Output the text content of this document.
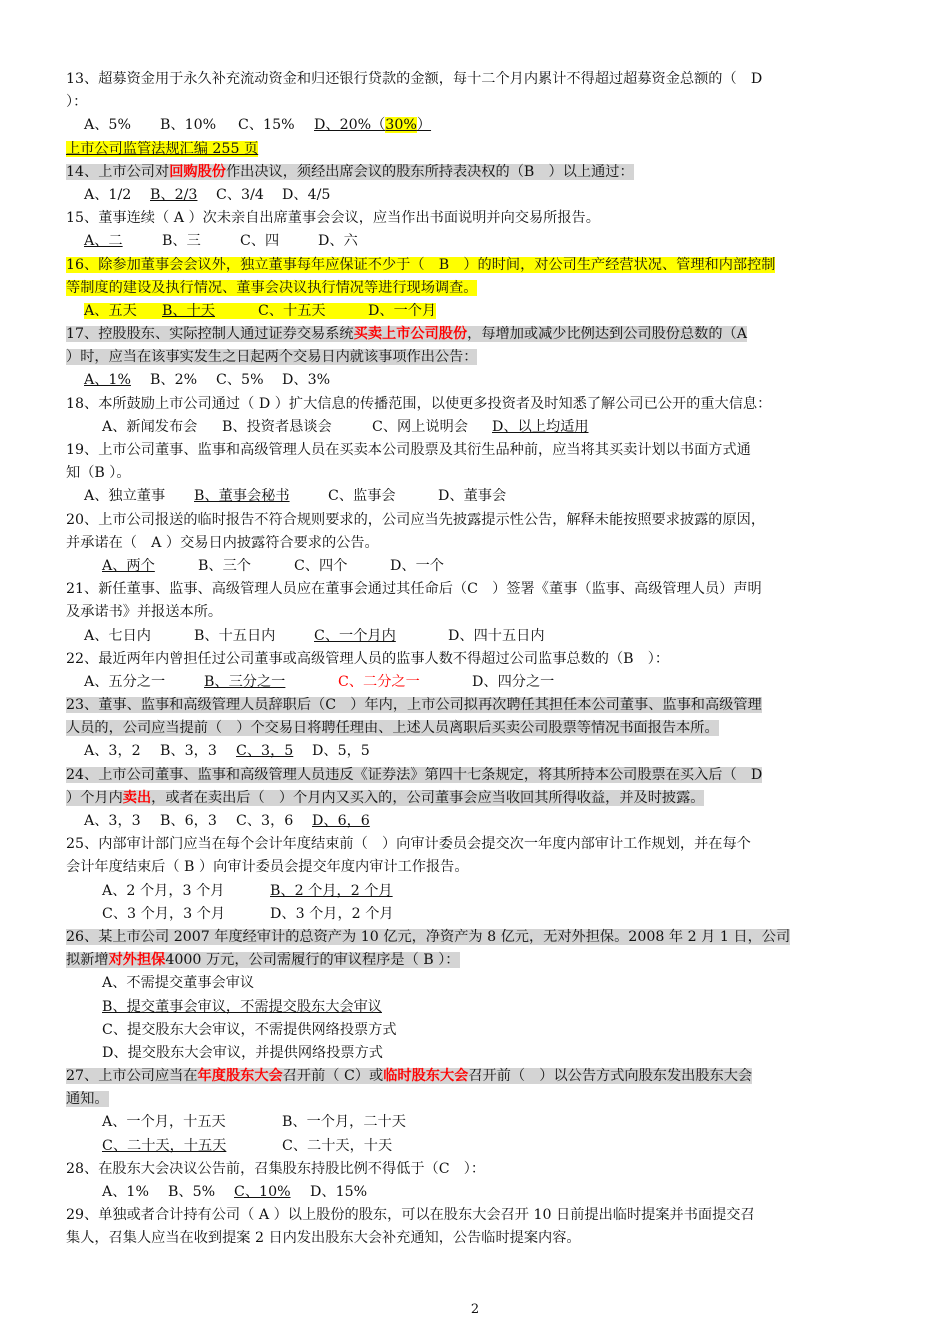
13、超募资金用于永久补充流动资金和归还银行贷款的金额，每十二个月内累计不得超过超募资金总额的（　D
）：
A、5% B、10% C、15% D、20%（30%）
上市公司监管法规汇编 255 页
14、上市公司对回购股份作出决议，须经出席会议的股东所持表决权的（B　）以上通过：
A、1/2 B、2/3 C、3/4 D、4/5
15、董事连续（ A ）次未亲自出席董事会会议，应当作出书面说明并向交易所报告。
A、二	B、三	C、四	D、六
16、除参加董事会会议外，独立董事每年应保证不少于（　B　）的时间，对公司生产经营状况、管理和内部控制
等制度的建设及执行情况、董事会决议执行情况等进行现场调查。
A、五天 B、十天	C、十五天	D、一个月
17、控股股东、实际控制人通过证券交易系统买卖上市公司股份，每增加或减少比例达到公司股份总数的（A
）时，应当在该事实发生之日起两个交易日内就该事项作出公告：
A、1% B、2% C、5% D、3%
18、本所鼓励上市公司通过（ D ）扩大信息的传播范围，以使更多投资者及时知悉了解公司已公开的重大信息：
A、新闻发布会 B、投资者恳谈会	C、网上说明会 D、以上均适用
19、上市公司董事、监事和高级管理人员在买卖本公司股票及其衍生品种前，应当将其买卖计划以书面方式通
知（B ）。
A、独立董事 B、董事会秘书	C、监事会	D、董事会
20、上市公司报送的临时报告不符合规则要求的，公司应当先披露提示性公告，解释未能按照要求披露的原因，
并承诺在（　A ）交易日内披露符合要求的公告。
A、两个	B、三个	C、四个	D、一个
21、新任董事、监事、高级管理人员应在董事会通过其任命后（C　）签署《董事（监事、高级管理人员）声明
及承诺书》并报送本所。
A、七日内	B、十五日内	C、一个月内	D、四十五日内
22、最近两年内曾担任过公司董事或高级管理人员的监事人数不得超过公司监事总数的（B　）：
A、五分之一	B、三分之一	C、二分之一	D、四分之一
23、董事、监事和高级管理人员辞职后（C　）年内，上市公司拟再次聘任其担任本公司董事、监事和高级管理
人员的，公司应当提前（　）个交易日将聘任理由、上述人员离职后买卖公司股票等情况书面报告本所。
A、3，2 B、3，3 C、3，5 D、5，5
24、上市公司董事、监事和高级管理人员违反《证券法》第四十七条规定，将其所持本公司股票在买入后（　D
）个月内卖出，或者在卖出后（　）个月内又买入的，公司董事会应当收回其所得收益，并及时披露。
A、3，3 B、6，3 C、3，6 D、6，6
25、内部审计部门应当在每个会计年度结束前（　）向审计委员会提交次一年度内部审计工作规划，并在每个
会计年度结束后（ B ）向审计委员会提交年度内审计工作报告。
A、2 个月，3 个月	B、2 个月，2 个月
C、3 个月，3 个月	D、3 个月，2 个月
26、某上市公司 2007 年度经审计的总资产为 10 亿元，净资产为 8 亿元，无对外担保。2008 年 2 月 1 日，公司
拟新增对外担保4000 万元，公司需履行的审议程序是（ B ）：
A、不需提交董事会审议
B、提交董事会审议，不需提交股东大会审议
C、提交股东大会审议，不需提供网络投票方式
D、提交股东大会审议，并提供网络投票方式
27、上市公司应当在年度股东大会召开前（ C）或临时股东大会召开前（　）以公告方式向股东发出股东大会
通知。
A、一个月，十五天	B、一个月，二十天
C、二十天，十五天	C、二十天，十天
28、在股东大会决议公告前，召集股东持股比例不得低于（C　）：
A、1% B、5% C、10% D、15%
29、单独或者合计持有公司（ A ）以上股份的股东，可以在股东大会召开 10 日前提出临时提案并书面提交召
集人，召集人应当在收到提案 2 日内发出股东大会补充通知，公告临时提案内容。
2
